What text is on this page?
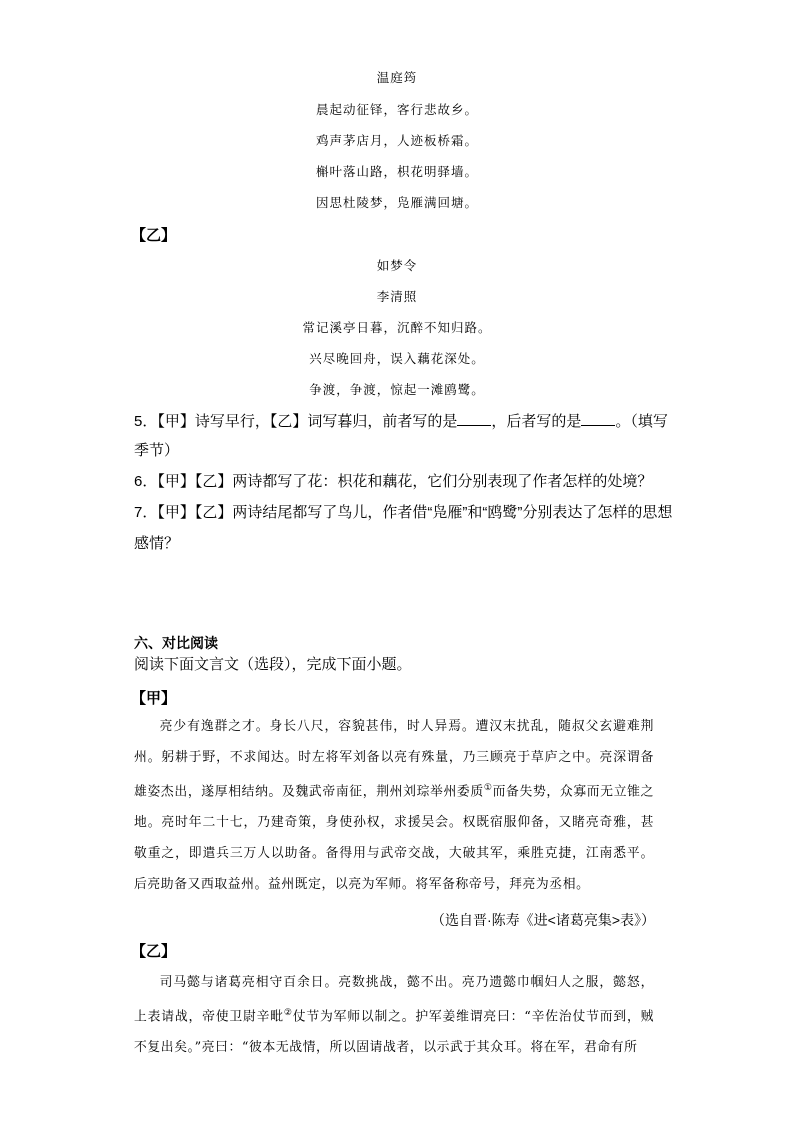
温庭筠
晨起动征铎，客行悲故乡。
鸡声茅店月，人迹板桥霜。
槲叶落山路，枳花明驿墙。
因思杜陵梦，凫雁满回塘。
【乙】
如梦令
李清照
常记溪亭日暮，沉醉不知归路。
兴尽晚回舟，误入藕花深处。
争渡，争渡，惊起一滩鸥鹭。
5．【甲】诗写早行，【乙】词写暮归，前者写的是 ，后者写的是 。（填写
季节）
6．【甲】【乙】两诗都写了花：枳花和藕花，它们分别表现了作者怎样的处境？
7．【甲】【乙】两诗结尾都写了鸟儿，作者借“凫雁”和“鸥鹭”分别表达了怎样的思想
感情？
六、对比阅读
阅读下面文言文（选段），完成下面小题。
【甲】
亮少有逸群之才。身长八尺，容貌甚伟，时人异焉。遭汉末扰乱，随叔父玄避难荆州。躬耕于野，不求闻达。时左将军刘备以亮有殊量，乃三顾亮于草庐之中。亮深谓备雄姿杰出，遂厚相结纳。及魏武帝南征，荆州刘琮举州委质①而备失势，众寡而无立锥之地。亮时年二十七，乃建奇策，身使孙权，求援吴会。权既宿服仰备，又睹亮奇雅，甚敬重之，即遣兵三万人以助备。备得用与武帝交战，大破其军，乘胜克捷，江南悉平。后亮助备又西取益州。益州既定，以亮为军师。将军备称帝号，拜亮为丞相。
（选自晋·陈寿《进<诸葛亮集>表》）
【乙】
司马懿与诸葛亮相守百余日。亮数挑战，懿不出。亮乃遗懿巾帼妇人之服，懿怒，上表请战，帝使卫尉辛毗②仗节为军师以制之。护军姜维谓亮曰：“辛佐治仗节而到，贼不复出矣。”亮曰：“彼本无战情，所以固请战者，以示武于其众耳。将在军，君命有所
